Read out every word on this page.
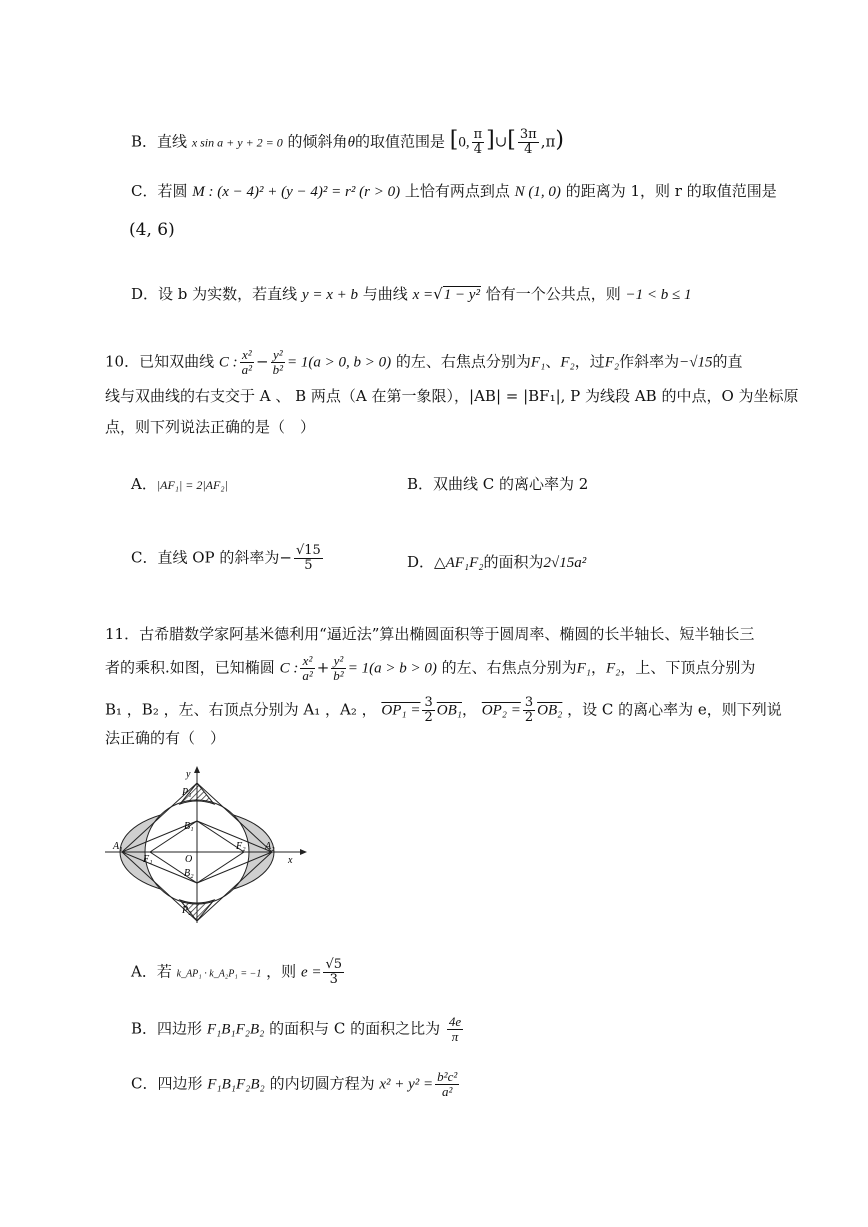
B．直线 x sin a + y + 2 = 0 的倾斜角θ的取值范围是 [0, $\frac{\pi}{4}$ ]∪[ $\frac{3\pi}{4} ,\pi$)
C．若圆 M : (x − 4)² + (y − 4)² = r² (r > 0) 上恰有两点到点 N (1, 0) 的距离为 1，则 r 的取值范围是
(4, 6)
D．设 b 为实数，若直线 y = x + b 与曲线 x =√1 − y² 恰有一个公共点，则 −1 < b ≤ 1
10．已知双曲线 C : $\frac{\text{x²}}{\text{a²}} - \frac{\text{y²}}{\text{b²}} = 1(a > 0$, b > 0) 的左、右焦点分别为F₁、F₂，过F₂作斜率为−√15的直
线与双曲线的右支交于 A 、 B 两点（A 在第一象限），|AB| = |BF₁|, P 为线段 AB 的中点，O 为坐标原
点，则下列说法正确的是（　）
A．|AF₁| = 2|AF₂|	B．双曲线 C 的离心率为 2
C．直线 OP 的斜率为− $\frac{√15}{5}$	D．△AF₁F₂的面积为2√15a²
11．古希腊数学家阿基米德利用“逼近法”算出椭圆面积等于圆周率、椭圆的长半轴长、短半轴长三
者的乘积.如图，已知椭圆 C : $\frac{\text{x²}}{\text{a²}} + \frac{\text{y²}}{\text{b²}} = 1(a > b > 0)$ 的左、右焦点分别为F₁，F₂，上、下顶点分别为
B₁ ，B₂ ，左、右顶点分别为 A₁ ，A₂ ， $OP_1 = \frac{3}{2} OB_1$， $OP_2 = \frac{3}{2} OB_2$ ，设 C 的离心率为 e，则下列说
法正确的有（　）
y
x
P₁
B₁
A₁
F₁	O
F₂ A₂
B₂
P₂
A．若 k_AP₁ · k_A₂P₁ = −1 ，则 $e = \frac{√5}{3}$
B．四边形 F₁B₁F₂B₂ 的面积与 C 的面积之比为 $\frac{4e}{\pi}$
C．四边形 F₁B₁F₂B₂ 的内切圆方程为 $x^2 + y^2 = \frac{\text{b²c²}}{\text{a²}}$
